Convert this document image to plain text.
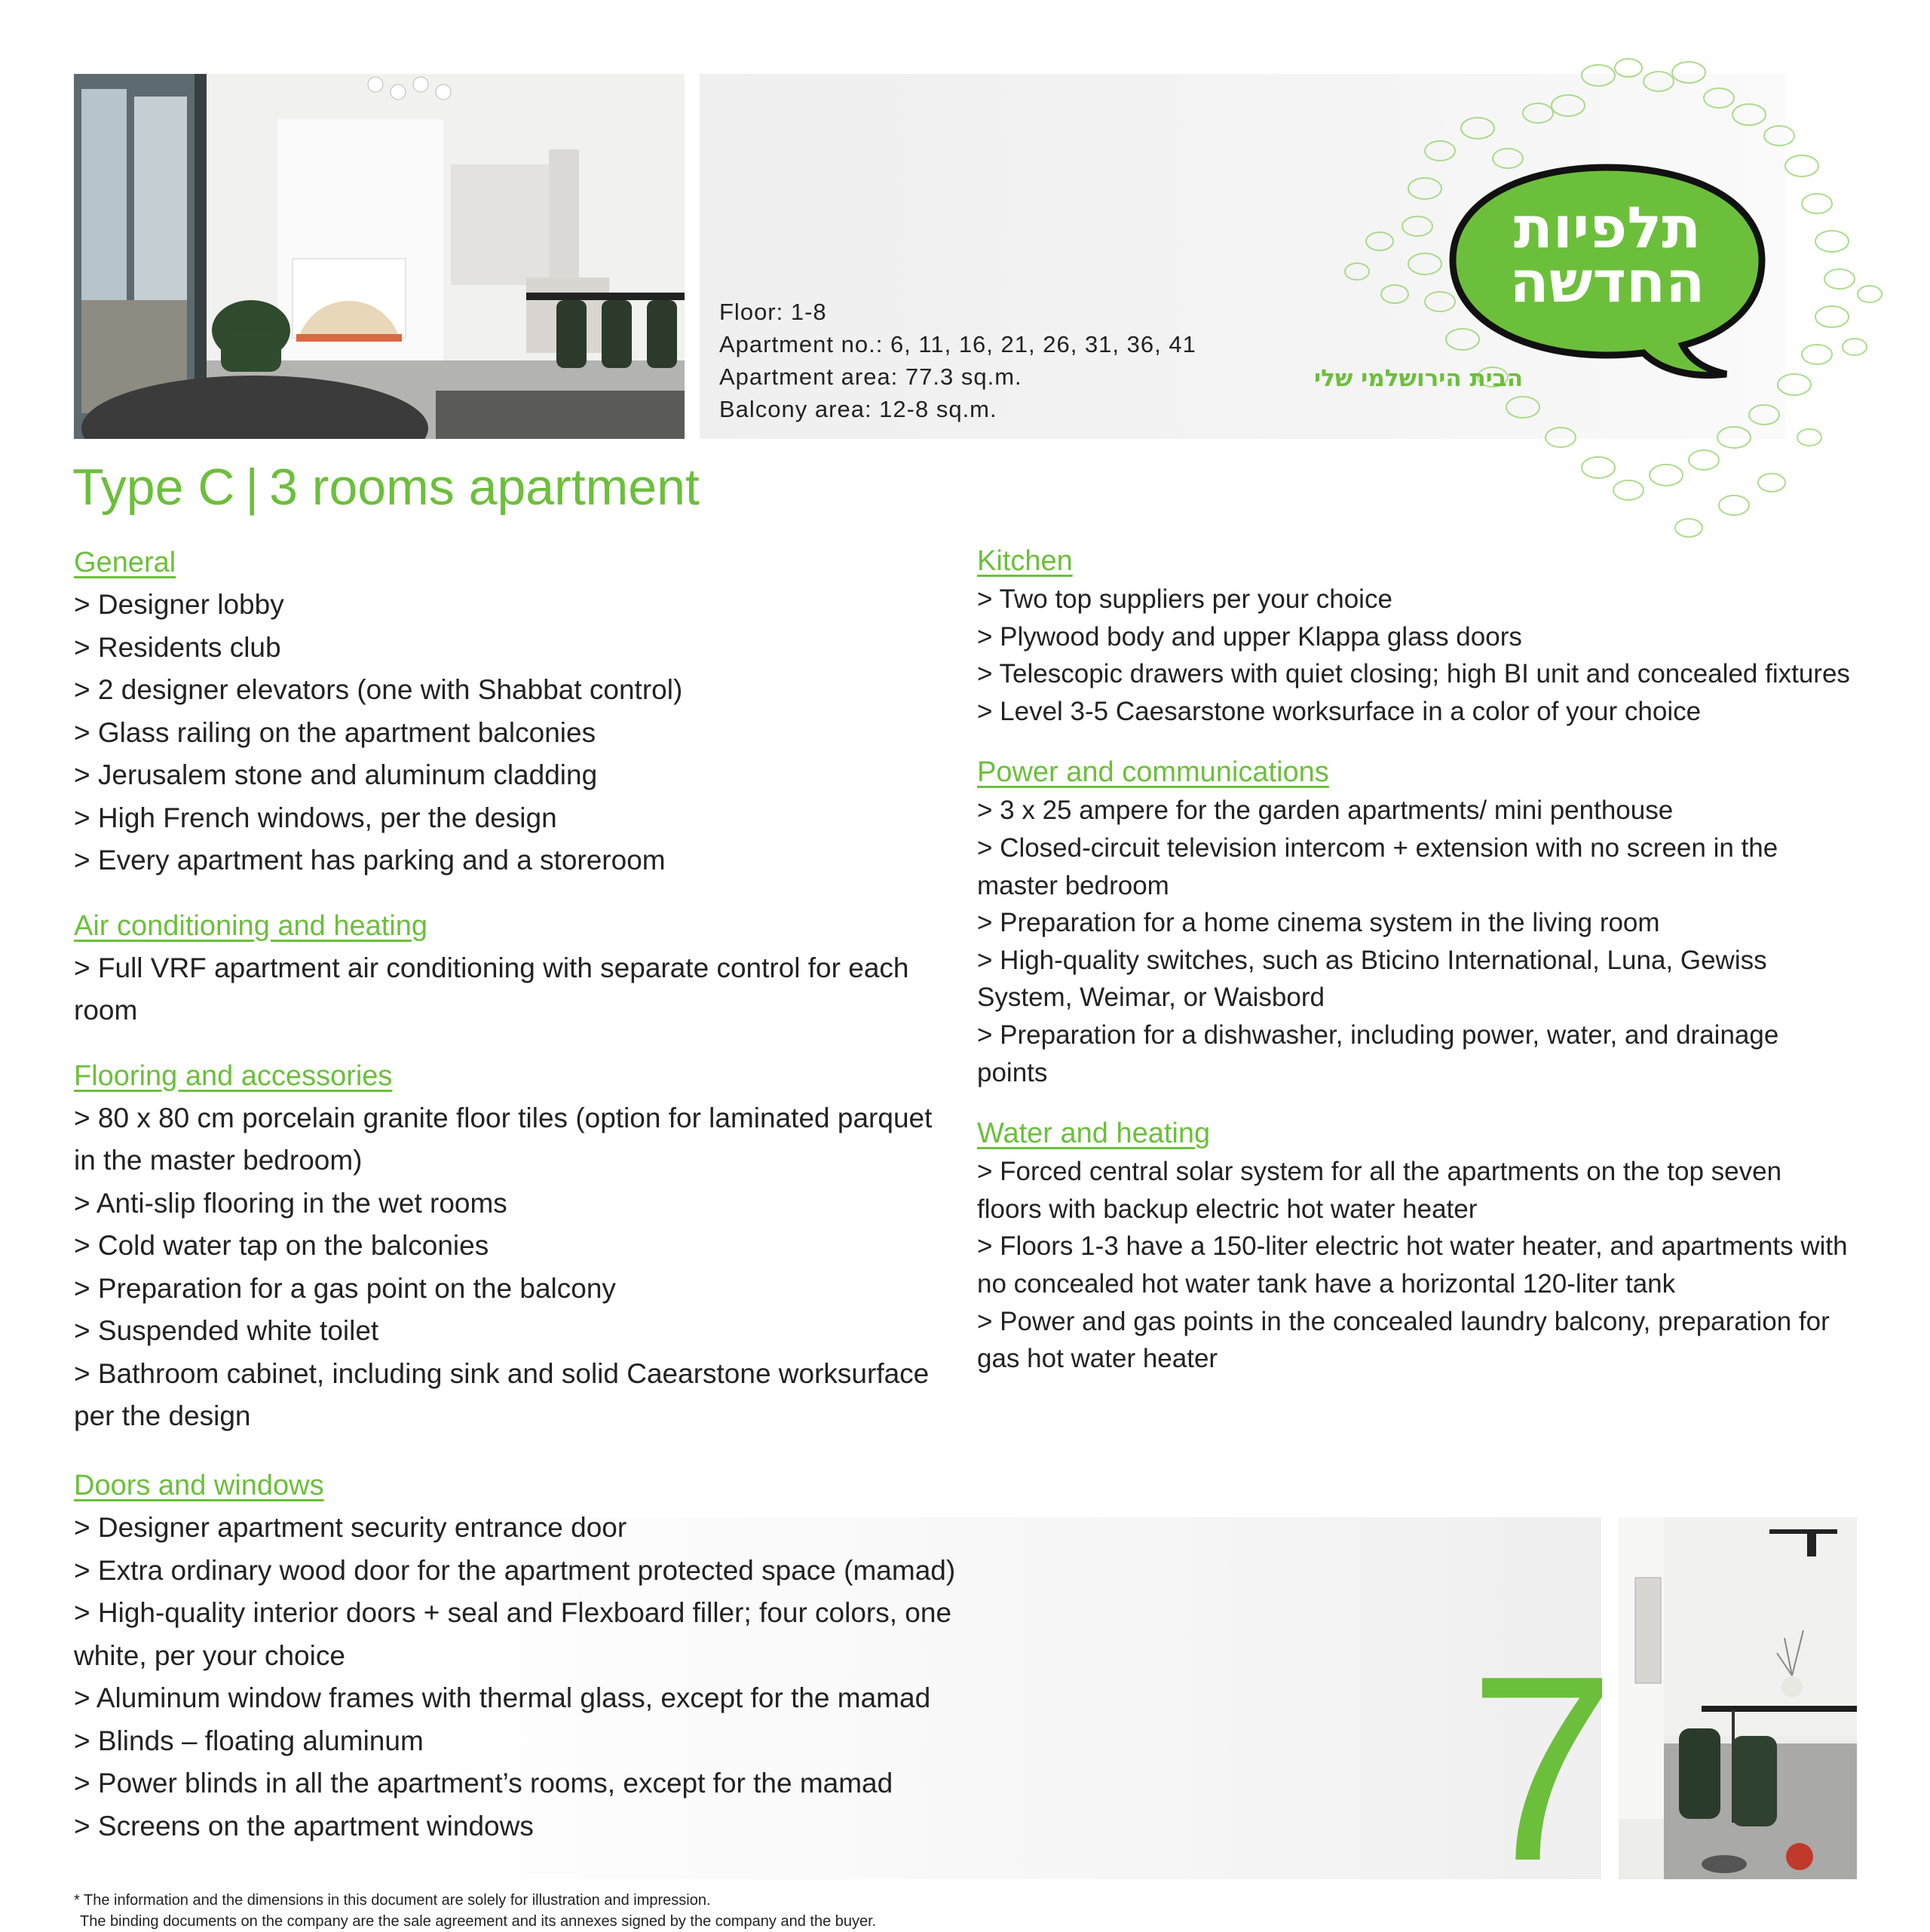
Floor: 1-8
Apartment no.: 6, 11, 16, 21, 26, 31, 36, 41
Apartment area: 77.3 sq.m.
Balcony area: 12-8 sq.m.
תלפיות
החדשה
הבית הירושלמי שלי
Type C | 3 rooms apartment
General
> Designer lobby
> Residents club
> 2 designer elevators (one with Shabbat control)
> Glass railing on the apartment balconies
> Jerusalem stone and aluminum cladding
> High French windows, per the design
> Every apartment has parking and a storeroom
Air conditioning and heating
> Full VRF apartment air conditioning with separate control for each room
Flooring and accessories
> 80 x 80 cm porcelain granite floor tiles (option for laminated parquet in the master bedroom)
> Anti-slip flooring in the wet rooms
> Cold water tap on the balconies
> Preparation for a gas point on the balcony
> Suspended white toilet
> Bathroom cabinet, including sink and solid Caearstone worksurface per the design
Kitchen
> Two top suppliers per your choice
> Plywood body and upper Klappa glass doors
> Telescopic drawers with quiet closing; high BI unit and concealed fixtures
> Level 3-5 Caesarstone worksurface in a color of your choice
Power and communications
> 3 x 25 ampere for the garden apartments/ mini penthouse
> Closed-circuit television intercom + extension with no screen in the master bedroom
> Preparation for a home cinema system in the living room
> High-quality switches, such as Bticino International, Luna, Gewiss System, Weimar, or Waisbord
> Preparation for a dishwasher, including power, water, and drainage points
Water and heating
> Forced central solar system for all the apartments on the top seven floors with backup electric hot water heater
> Floors 1-3 have a 150-liter electric hot water heater, and apartments with no concealed hot water tank have a horizontal 120-liter tank
> Power and gas points in the concealed laundry balcony, preparation for gas hot water heater
Doors and windows
> Designer apartment security entrance door
> Extra ordinary wood door for the apartment protected space (mamad)
> High-quality interior doors + seal and Flexboard filler; four colors, one white, per your choice
> Aluminum window frames with thermal glass, except for the mamad
> Blinds – floating aluminum
> Power blinds in all the apartment’s rooms, except for the mamad
> Screens on the apartment windows	7
* The information and the dimensions in this document are solely for illustration and impression.
The binding documents on the company are the sale agreement and its annexes signed by the company and the buyer.
